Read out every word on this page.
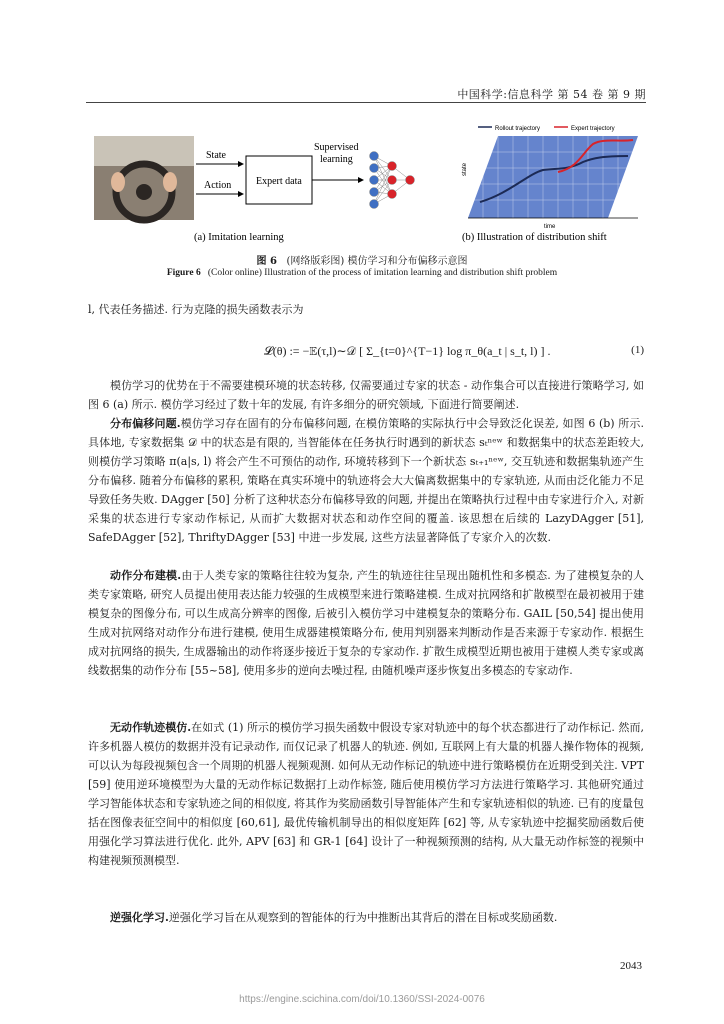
中国科学:信息科学 第 54 卷 第 9 期
State
Action Expert data
Supervised
learning
(a) Imitation learning
Rollout trajectory	Expert trajectory
state
time
(b) Illustration of distribution shift
图 6 (网络版彩图) 模仿学习和分布偏移示意图
Figure 6 (Color online) Illustration of the process of imitation learning and distribution shift problem
l, 代表任务描述. 行为克隆的损失函数表示为
𝓛(θ) := −𝔼(τ,l)∼𝒟 [ Σ_{t=0}^{T−1} log π_θ(a_t | s_t, l) ] .	(1)
模仿学习的优势在于不需要建模环境的状态转移, 仅需要通过专家的状态 - 动作集合可以直接进行策略学习, 如图 6 (a) 所示. 模仿学习经过了数十年的发展, 有许多细分的研究领域, 下面进行简要阐述.
分布偏移问题.模仿学习存在固有的分布偏移问题, 在模仿策略的实际执行中会导致泛化误差, 如图 6 (b) 所示. 具体地, 专家数据集 𝒟 中的状态是有限的, 当智能体在任务执行时遇到的新状态 sₜⁿᵉʷ 和数据集中的状态差距较大, 则模仿学习策略 π(a|s, l) 将会产生不可预估的动作, 环境转移到下一个新状态 sₜ₊₁ⁿᵉʷ, 交互轨迹和数据集轨迹产生分布偏移. 随着分布偏移的累积, 策略在真实环境中的轨迹将会大大偏离数据集中的专家轨迹, 从而由泛化能力不足导致任务失败. DAgger [50] 分析了这种状态分布偏移导致的问题, 并提出在策略执行过程中由专家进行介入, 对新采集的状态进行专家动作标记, 从而扩大数据对状态和动作空间的覆盖. 该思想在后续的 LazyDAgger [51], SafeDAgger [52], ThriftyDAgger [53] 中进一步发展, 这些方法显著降低了专家介入的次数.
动作分布建模.由于人类专家的策略往往较为复杂, 产生的轨迹往往呈现出随机性和多模态. 为了建模复杂的人类专家策略, 研究人员提出使用表达能力较强的生成模型来进行策略建模. 生成对抗网络和扩散模型在最初被用于建模复杂的图像分布, 可以生成高分辨率的图像, 后被引入模仿学习中建模复杂的策略分布. GAIL [50,54] 提出使用生成对抗网络对动作分布进行建模, 使用生成器建模策略分布, 使用判别器来判断动作是否来源于专家动作. 根据生成对抗网络的损失, 生成器输出的动作将逐步接近于复杂的专家动作. 扩散生成模型近期也被用于建模人类专家或离线数据集的动作分布 [55~58], 使用多步的逆向去噪过程, 由随机噪声逐步恢复出多模态的专家动作.
无动作轨迹模仿.在如式 (1) 所示的模仿学习损失函数中假设专家对轨迹中的每个状态都进行了动作标记. 然而, 许多机器人模仿的数据并没有记录动作, 而仅记录了机器人的轨迹. 例如, 互联网上有大量的机器人操作物体的视频, 可以认为每段视频包含一个周期的机器人视频观测. 如何从无动作标记的轨迹中进行策略模仿在近期受到关注. VPT [59] 使用逆环境模型为大量的无动作标记数据打上动作标签, 随后使用模仿学习方法进行策略学习. 其他研究通过学习智能体状态和专家轨迹之间的相似度, 将其作为奖励函数引导智能体产生和专家轨迹相似的轨迹. 已有的度量包括在图像表征空间中的相似度 [60,61], 最优传输机制导出的相似度矩阵 [62] 等, 从专家轨迹中挖掘奖励函数后使用强化学习算法进行优化. 此外, APV [63] 和 GR-1 [64] 设计了一种视频预测的结构, 从大量无动作标签的视频中构建视频预测模型.
逆强化学习.逆强化学习旨在从观察到的智能体的行为中推断出其背后的潜在目标或奖励函数.
2043
https://engine.scichina.com/doi/10.1360/SSI-2024-0076
